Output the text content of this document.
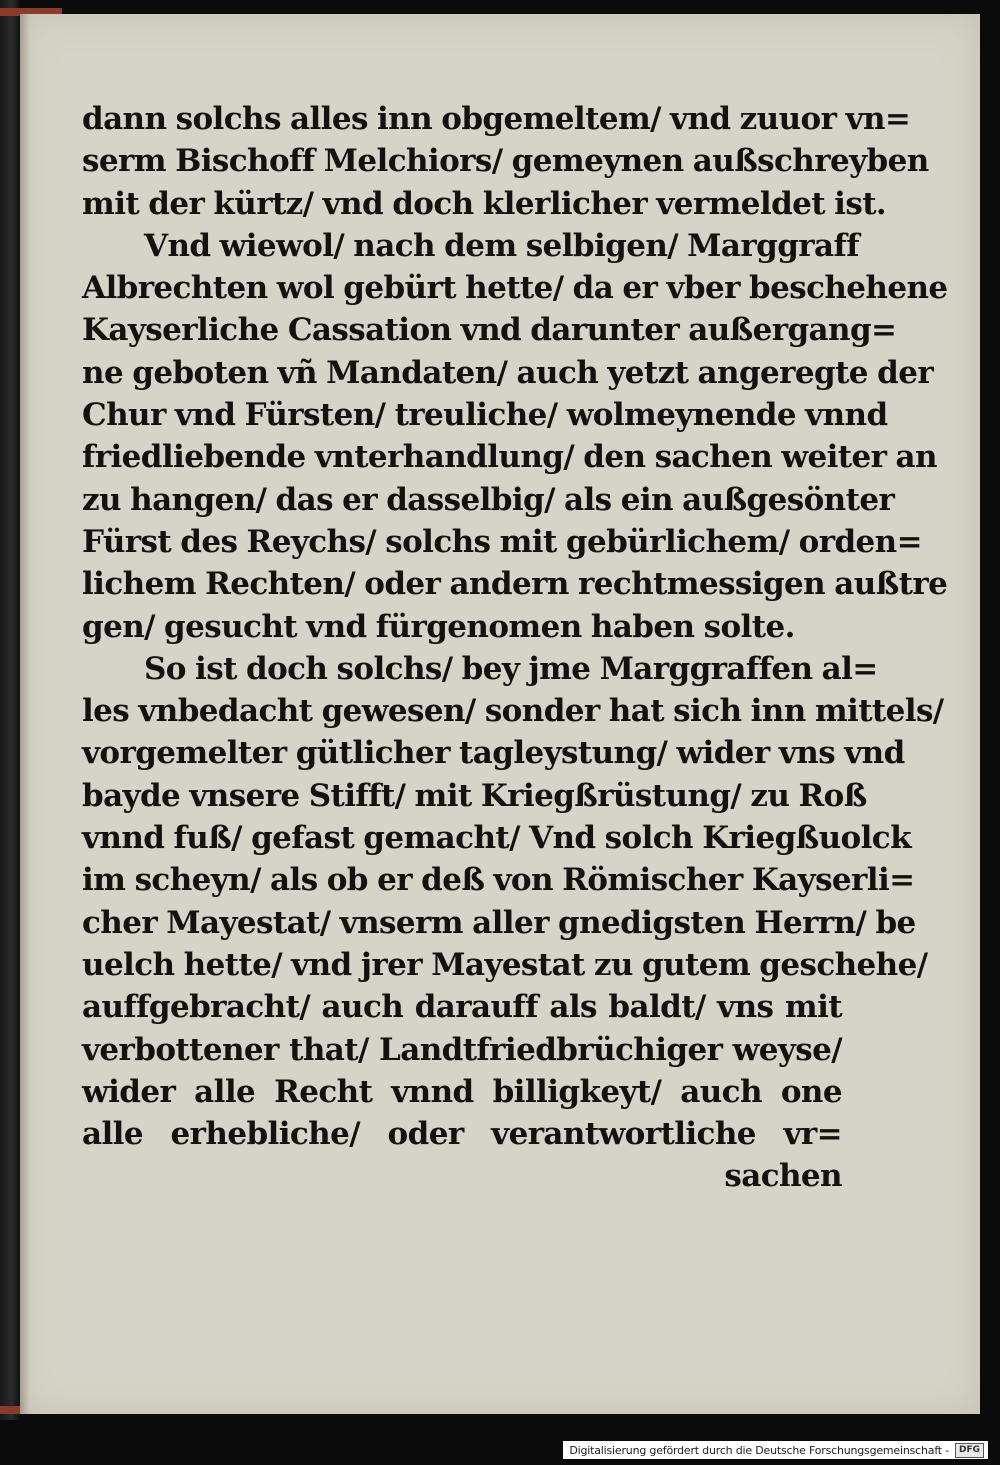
dann solchs alles inn obgemeltem/ vnd zuuor vn=
serm Bischoff Melchiors/ gemeynen außschreyben
mit der kürtz/ vnd doch klerlicher vermeldet ist.
Vnd wiewol/ nach dem selbigen/ Marggraff
Albrechten wol gebürt hette/ da er vber beschehene
Kayserliche Cassation vnd darunter außergang=
ne geboten vñ Mandaten/ auch yetzt angeregte der
Chur vnd Fürsten/ treuliche/ wolmeynende vnnd
friedliebende vnterhandlung/ den sachen weiter an
zu hangen/ das er dasselbig/ als ein außgesönter
Fürst des Reychs/ solchs mit gebürlichem/ orden=
lichem Rechten/ oder andern rechtmessigen außtre
gen/ gesucht vnd fürgenomen haben solte.
So ist doch solchs/ bey jme Marggraffen al=
les vnbedacht gewesen/ sonder hat sich inn mittels/
vorgemelter gütlicher tagleystung/ wider vns vnd
bayde vnsere Stifft/ mit Kriegßrüstung/ zu Roß
vnnd fuß/ gefast gemacht/ Vnd solch Kriegßuolck
im scheyn/ als ob er deß von Römischer Kayserli=
cher Mayestat/ vnserm aller gnedigsten Herrn/ be
uelch hette/ vnd jrer Mayestat zu gutem geschehe/
auffgebracht/ auch darauff als baldt/ vns mit
verbottener that/ Landtfriedbrüchiger weyse/
wider alle Recht vnnd billigkeyt/ auch one
alle erhebliche/ oder verantwortliche vr=
sachen
Digitalisierung gefördert durch die Deutsche Forschungsgemeinschaft -	DFG
